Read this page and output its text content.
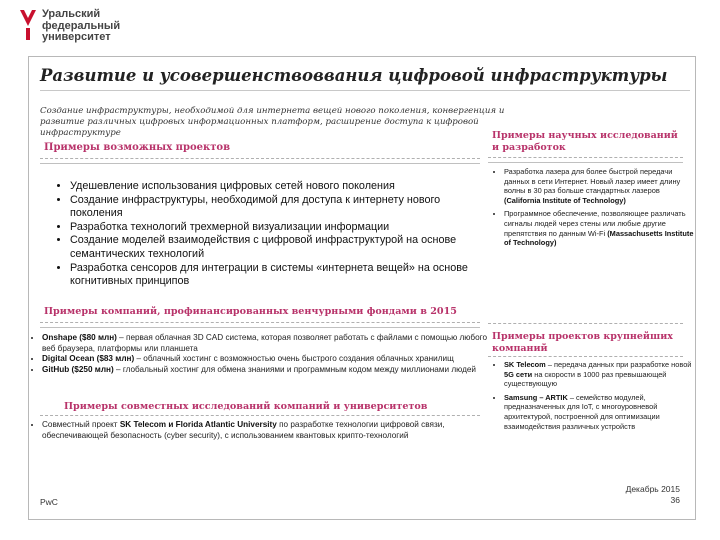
Уральский
федеральный
университет
Развитие и усовершенствоввания цифровой инфраструктуры
Создание инфраструктуры, необходимой для интернета вещей нового поколения, конвергенция и развитие различных цифровых информационных платформ, расширение доступа к цифровой инфраструктуре
Примеры возможных проектов
• Удешевление использования цифровых сетей нового поколения
• Создание инфраструктуры, необходимой для доступа к интернету нового поколения
• Разработка технологий трехмерной визуализации информации
• Создание моделей взаимодействия с цифровой инфраструктурой на основе семантических технологий
• Разработка сенсоров для интеграции в системы «интернета вещей» на основе когнитивных принципов
Примеры научных исследований и разработок
• Разработка лазера для более быстрой передачи данных в сети Интернет. Новый лазер имеет длину волны в 30 раз больше стандартных лазеров (California Institute of Technology)
• Программное обеспечение, позволяющее различать сигналы людей через стены или любые другие препятствия по данным Wi-Fi (Massachusetts Institute of Technology)
Примеры компаний, профинансированных венчурными фондами в 2015
• Onshape ($80 млн) – первая облачная 3D CAD система, которая позволяет работать с файлами с помощью любого веб браузера, платформы или планшета
• Digital Ocean ($83 млн) – облачный хостинг с возможностью очень быстрого создания облачных хранилищ
• GitHub ($250 млн) – глобальный хостинг для обмена знаниями и программным кодом между миллионами людей
Примеры совместных исследований компаний и университетов
• Совместный проект SK Telecom и Florida Atlantic University по разработке технологии цифровой связи, обеспечивающей безопасность (cyber security), с использованием квантовых крипто-технологий
Примеры проектов крупнейших компаний
• SK Telecom – передача данных при разработке новой 5G сети на скорости в 1000 раз превышающей существующую
• Samsung – ARTIK – семейство модулей, предназначенных для IoT, с многоуровневой архитектурой, построенной для оптимизации взаимодействия различных устройств
PwC
Декабрь 2015
36
